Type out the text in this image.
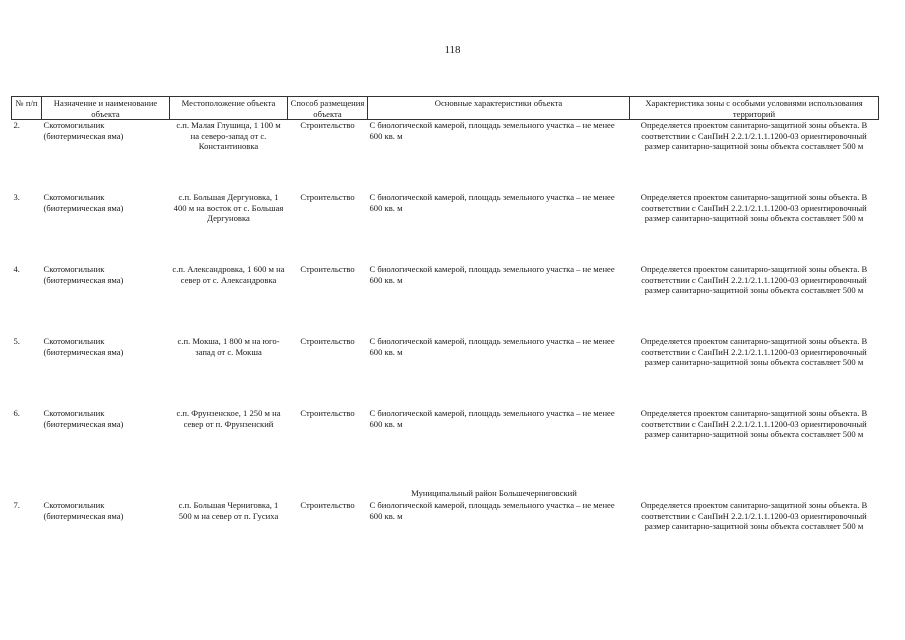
118
№ п/п	Назначение и наименование объекта	Местоположение объекта	Способ размещения объекта	Основные характеристики объекта	Характеристика зоны с особыми условиями использования территорий
2.	Скотомогильник (биотермическая яма)	с.п. Малая Глушица, 1 100 м на северо-запад от с. Константиновка	Строительство	С биологической камерой, площадь земельного участка – не менее 600 кв. м	Определяется проектом санитарно-защитной зоны объекта. В соответствии с СанПиН 2.2.1/2.1.1.1200-03 ориентировочный размер санитарно-защитной зоны объекта составляет 500 м
3.	Скотомогильник (биотермическая яма)	с.п. Большая Дергуновка, 1 400 м на восток от с. Большая Дергуновка	Строительство	С биологической камерой, площадь земельного участка – не менее 600 кв. м	Определяется проектом санитарно-защитной зоны объекта. В соответствии с СанПиН 2.2.1/2.1.1.1200-03 ориентировочный размер санитарно-защитной зоны объекта составляет 500 м
4.	Скотомогильник (биотермическая яма)	с.п. Александровка, 1 600 м на север от с. Александровка	Строительство	С биологической камерой, площадь земельного участка – не менее 600 кв. м	Определяется проектом санитарно-защитной зоны объекта. В соответствии с СанПиН 2.2.1/2.1.1.1200-03 ориентировочный размер санитарно-защитной зоны объекта составляет 500 м
5.	Скотомогильник (биотермическая яма)	с.п. Мокша, 1 800 м на юго-запад от с. Мокша	Строительство	С биологической камерой, площадь земельного участка – не менее 600 кв. м	Определяется проектом санитарно-защитной зоны объекта. В соответствии с СанПиН 2.2.1/2.1.1.1200-03 ориентировочный размер санитарно-защитной зоны объекта составляет 500 м
6.	Скотомогильник (биотермическая яма)	с.п. Фрунзенское, 1 250 м на север от п. Фрунзенский	Строительство	С биологической камерой, площадь земельного участка – не менее 600 кв. м	Определяется проектом санитарно-защитной зоны объекта. В соответствии с СанПиН 2.2.1/2.1.1.1200-03 ориентировочный размер санитарно-защитной зоны объекта составляет 500 м
Муниципальный район Большечерниговский					
7.	Скотомогильник (биотермическая яма)	с.п. Большая Черниговка, 1 500 м на север от п. Гусиха	Строительство	С биологической камерой, площадь земельного участка – не менее 600 кв. м	Определяется проектом санитарно-защитной зоны объекта. В соответствии с СанПиН 2.2.1/2.1.1.1200-03 ориентировочный размер санитарно-защитной зоны объекта составляет 500 м
